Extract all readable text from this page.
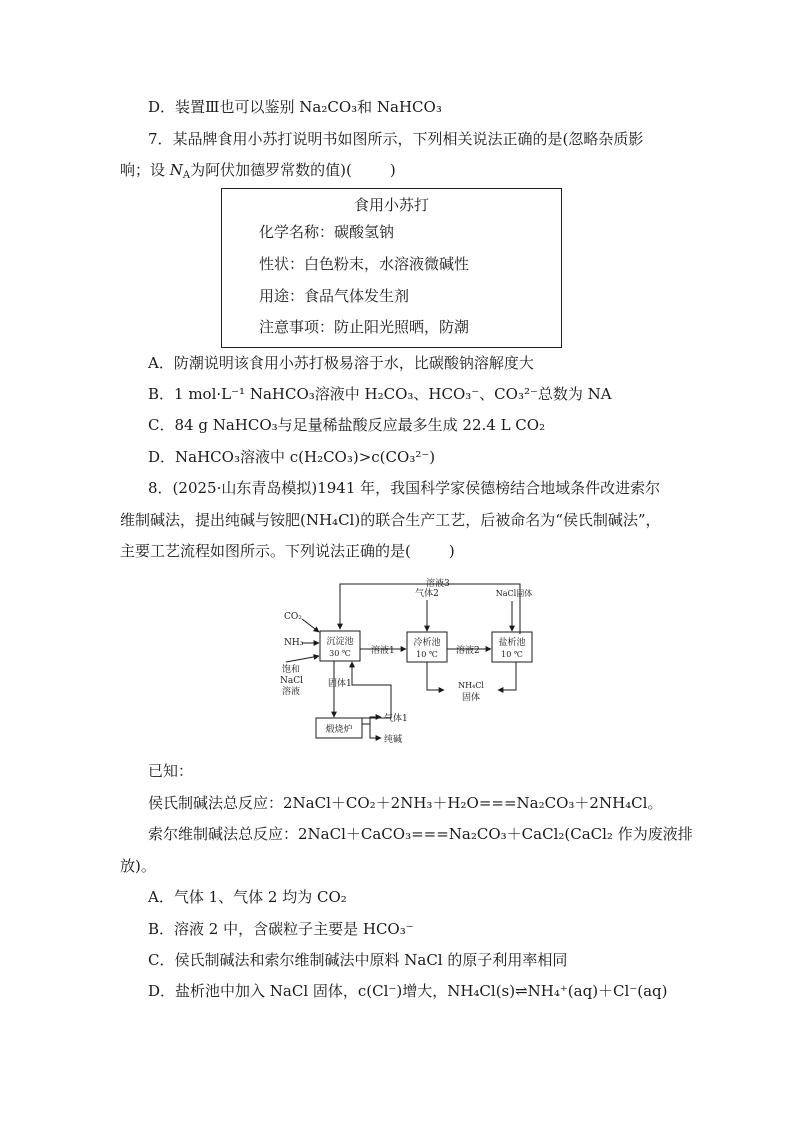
D．装置Ⅲ也可以鉴别 Na₂CO₃和 NaHCO₃
7．某品牌食用小苏打说明书如图所示，下列相关说法正确的是(忽略杂质影
响；设 $N_A$为阿伏加德罗常数的值)(	)
食用小苏打
化学名称：碳酸氢钠
性状：白色粉末，水溶液微碱性
用途：食品气体发生剂
注意事项：防止阳光照晒，防潮
A．防潮说明该食用小苏打极易溶于水，比碳酸钠溶解度大
B．1 mol·L⁻¹ NaHCO₃溶液中 H₂CO₃、HCO₃⁻、CO₃²⁻总数为 NA
C．84 g NaHCO₃与足量稀盐酸反应最多生成 22.4 L CO₂
D．NaHCO₃溶液中 c(H₂CO₃)>c(CO₃²⁻)
8．(2025·山东青岛模拟)1941 年，我国科学家侯德榜结合地域条件改进索尔
维制碱法，提出纯碱与铵肥(NH₄Cl)的联合生产工艺，后被命名为“侯氏制碱法”，
主要工艺流程如图所示。下列说法正确的是(	)
溶液3
CO₂
NH₃
饱和
NaCl
溶液
沉淀池
30 ℃ 溶液1
气体2
冷析池
10 ℃ 溶液2
NaCl固体
盐析池
10 ℃
固体1	NH₄Cl
固体
煅烧炉
气体1
纯碱
已知：
侯氏制碱法总反应：2NaCl＋CO₂＋2NH₃＋H₂O===Na₂CO₃＋2NH₄Cl。
索尔维制碱法总反应：2NaCl＋CaCO₃===Na₂CO₃＋CaCl₂(CaCl₂ 作为废液排
放)。
A．气体 1、气体 2 均为 CO₂
B．溶液 2 中，含碳粒子主要是 HCO₃⁻
C．侯氏制碱法和索尔维制碱法中原料 NaCl 的原子利用率相同
D．盐析池中加入 NaCl 固体，c(Cl⁻)增大，NH₄Cl(s)⇌NH₄⁺(aq)＋Cl⁻(aq)
